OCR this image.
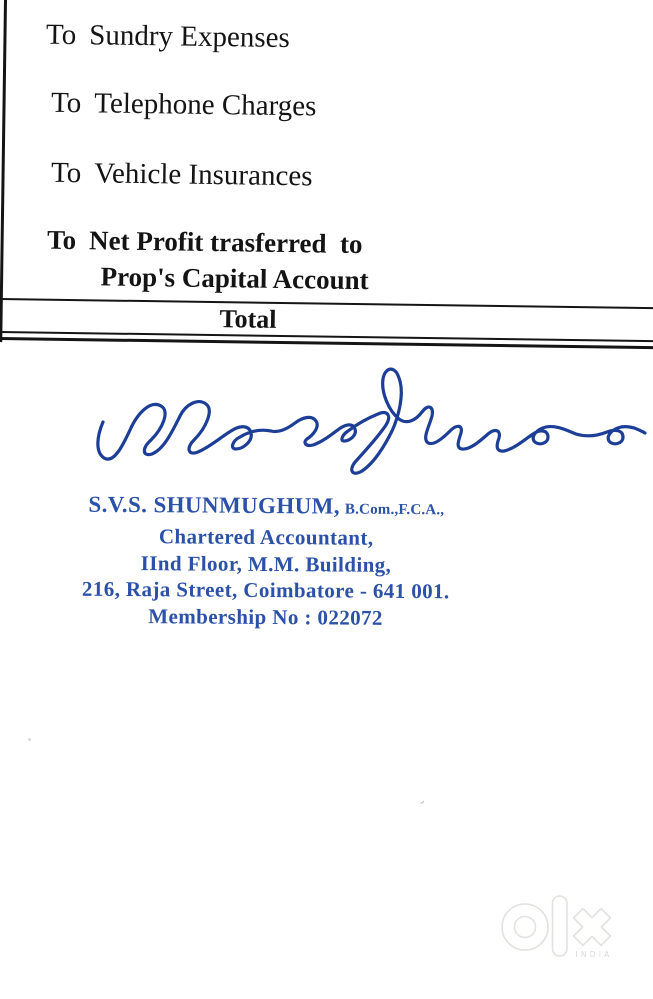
To Sundry Expenses

To Telephone Charges

To Vehicle Insurances

To Net Profit trasferred  to

Prop's Capital Account

Total
S.V.S. SHUNMUGHUM, B.Com.,F.C.A.,
Chartered Accountant,
IInd Floor, M.M. Building,
216, Raja Street, Coimbatore - 641 001.
Membership No : 022072
‚̪
INDIA
